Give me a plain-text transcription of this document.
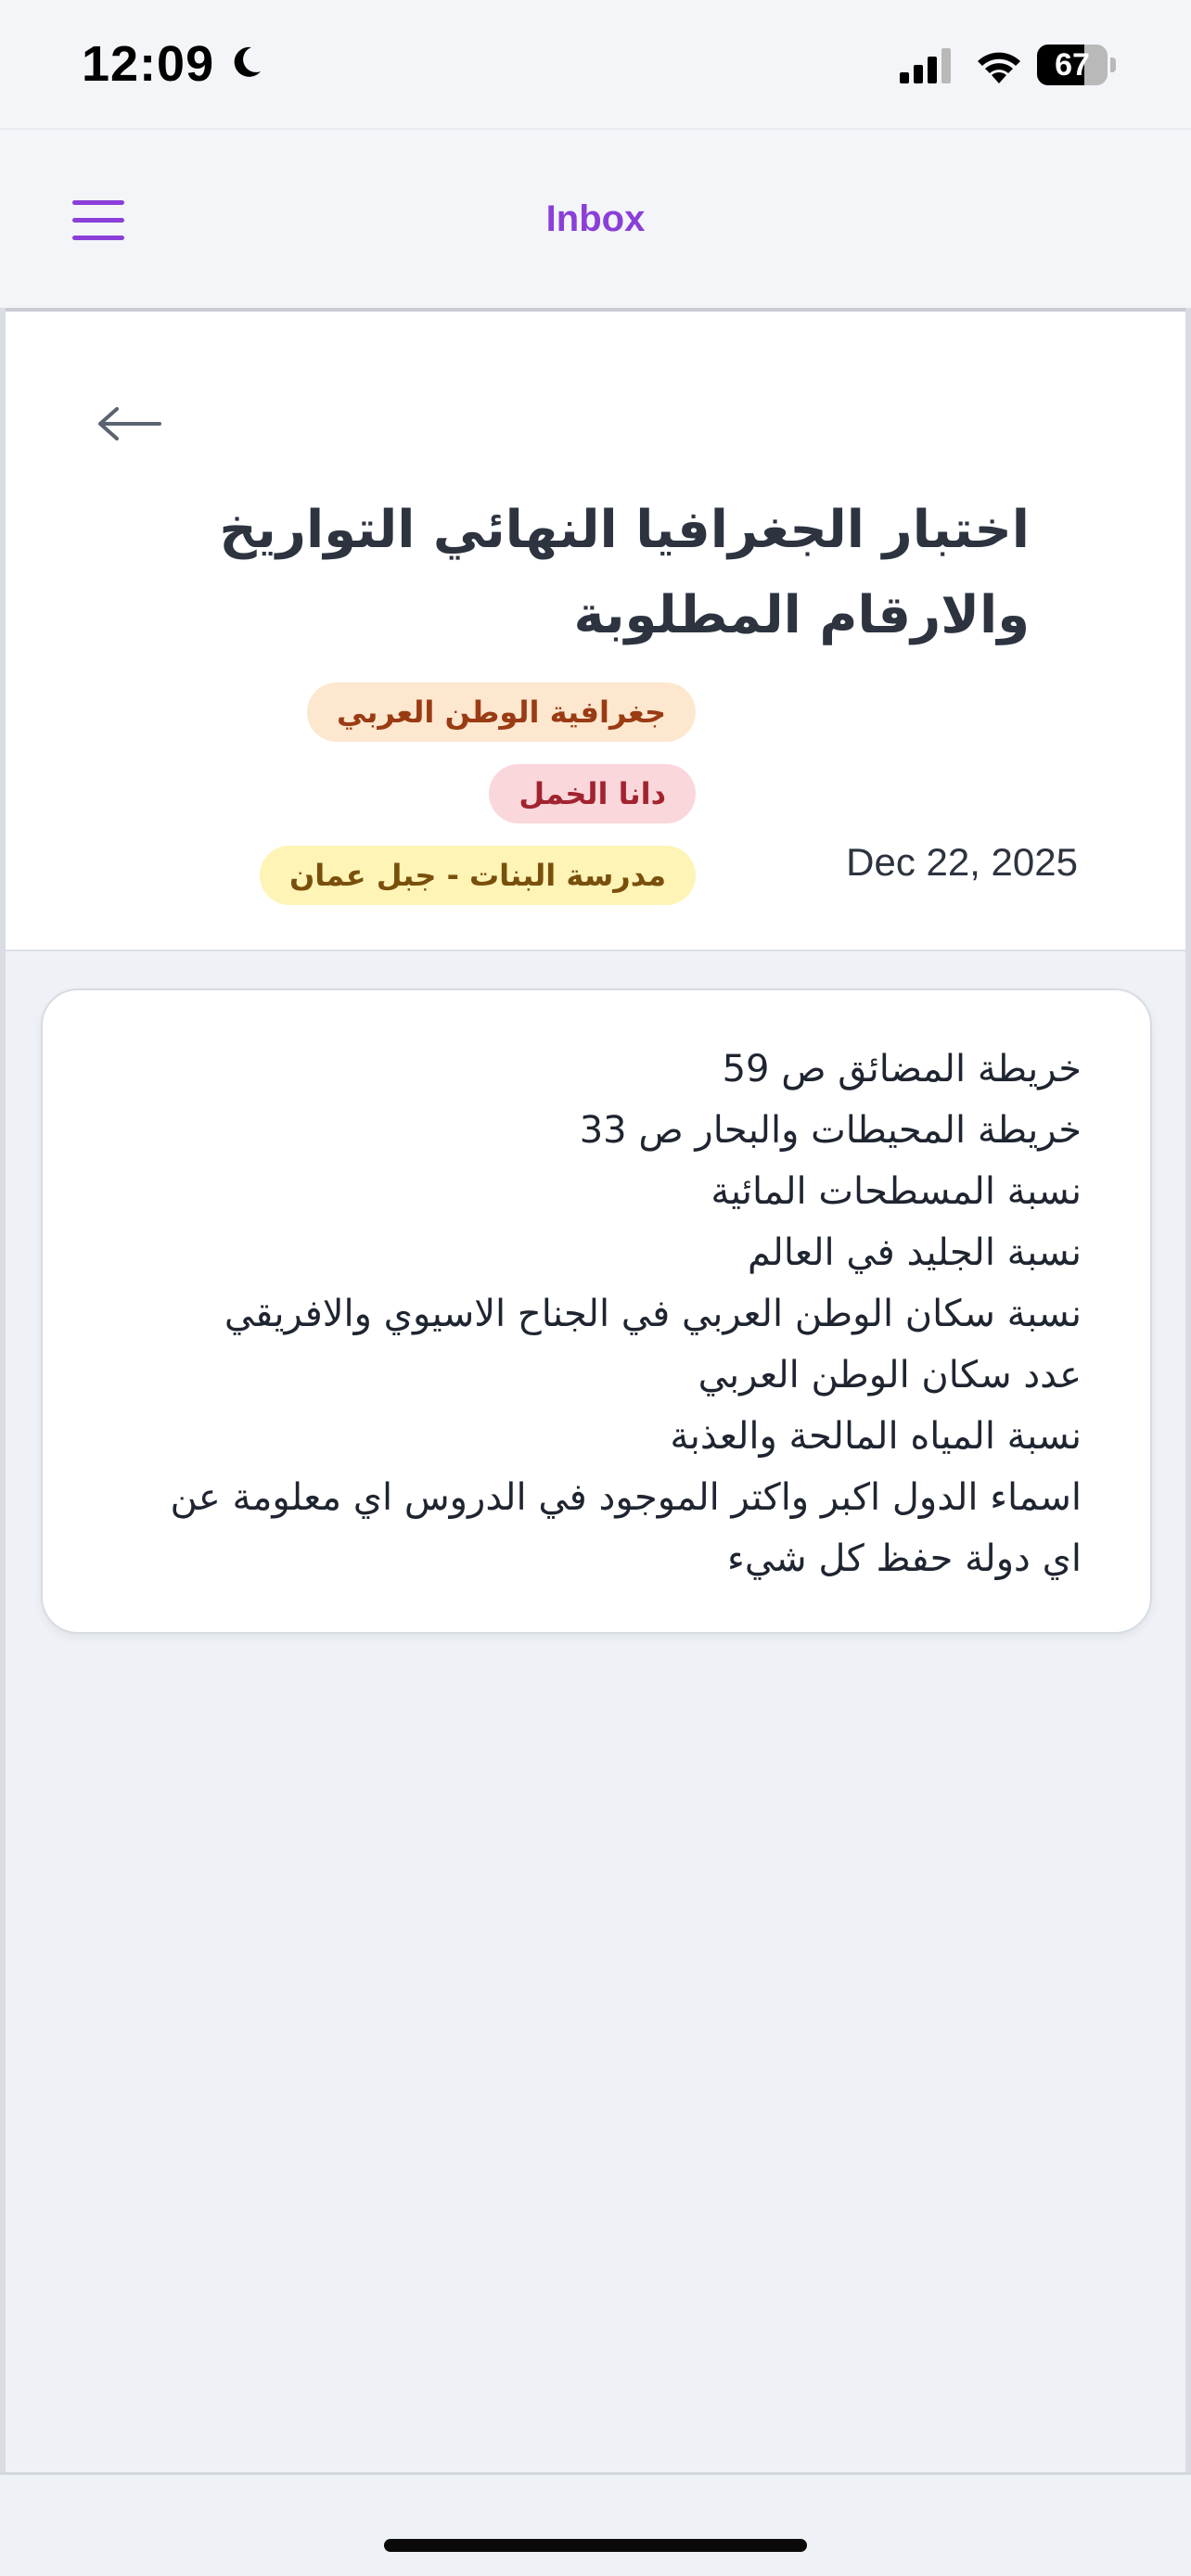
12:09	67
Inbox
اختبار الجغرافيا النهائي التواريخ والارقام المطلوبة
جغرافية الوطن العربيدانا الخمل
مدرسة البنات - جبل عمان	Dec 22, 2025
خريطة المضائق ص 59
خريطة المحيطات والبحار ص 33
نسبة المسطحات المائية
نسبة الجليد في العالم
نسبة سكان الوطن العربي في الجناح الاسيوي والافريقي
عدد سكان الوطن العربي
نسبة المياه المالحة والعذبة
اسماء الدول اكبر واكتر الموجود في الدروس اي معلومة عن
اي دولة حفظ كل شيء
